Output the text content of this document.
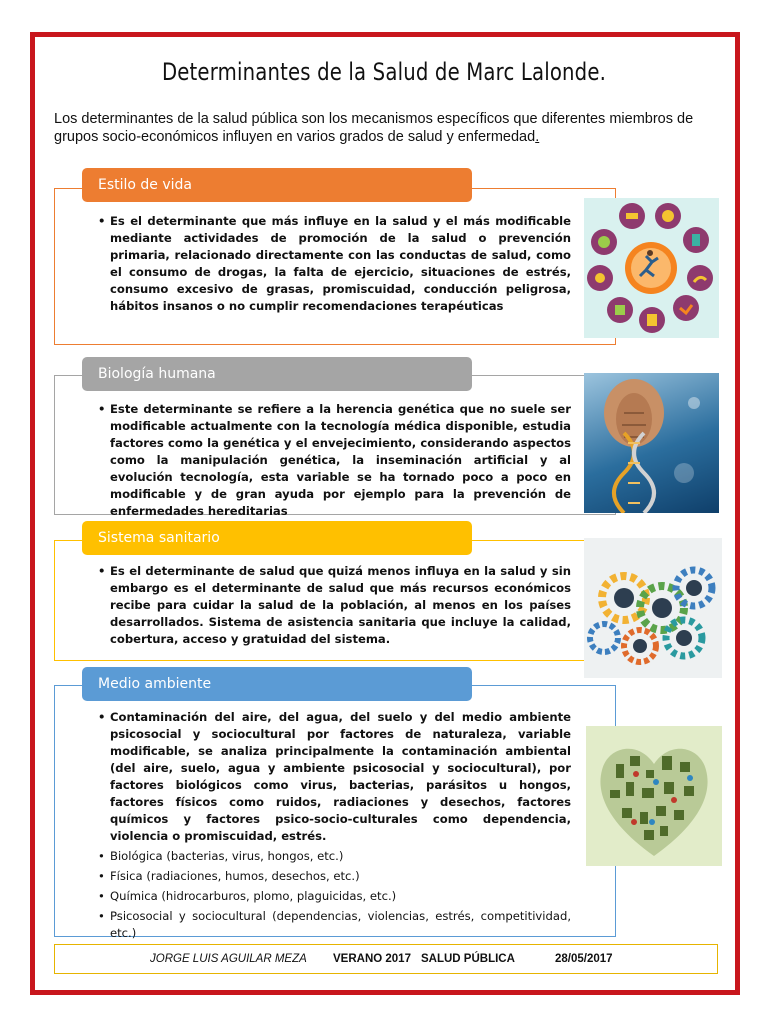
Determinantes de la Salud de Marc Lalonde.
Los determinantes de la salud pública son los mecanismos específicos que diferentes miembros de grupos socio-económicos influyen en varios grados de salud y enfermedad.
Estilo de vida
• Es el determinante que más influye en la salud y el más modificable mediante actividades de promoción de la salud o prevención primaria, relacionado directamente con las conductas de salud, como el consumo de drogas, la falta de ejercicio, situaciones de estrés, consumo excesivo de grasas, promiscuidad, conducción peligrosa, hábitos insanos o no cumplir recomendaciones terapéuticas
Biología humana
• Este determinante se refiere a la herencia genética que no suele ser modificable actualmente con la tecnología médica disponible, estudia factores como la genética y el envejecimiento, considerando aspectos como la manipulación genética, la inseminación artificial y al evolución tecnología, esta variable se ha tornado poco a poco en modificable y de gran ayuda por ejemplo para la prevención de enfermedades hereditarias
Sistema sanitario
• Es el determinante de salud que quizá menos influya en la salud y sin embargo es el determinante de salud que más recursos económicos recibe para cuidar la salud de la población, al menos en los países desarrollados. Sistema de asistencia sanitaria que incluye la calidad, cobertura, acceso y gratuidad del sistema.
Medio ambiente
• Contaminación del aire, del agua, del suelo y del medio ambiente psicosocial y sociocultural por factores de naturaleza, variable modificable, se analiza principalmente la contaminación ambiental (del aire, suelo, agua y ambiente psicosocial y sociocultural), por factores biológicos como virus, bacterias, parásitos u hongos, factores físicos como ruidos, radiaciones y desechos, factores químicos y factores psico-socio-culturales como dependencia, violencia o promiscuidad, estrés.
• Biológica (bacterias, virus, hongos, etc.)
• Física (radiaciones, humos, desechos, etc.)
• Química (hidrocarburos, plomo, plaguicidas, etc.)
• Psicosocial y sociocultural (dependencias, violencias, estrés, competitividad, etc.)
JORGE LUIS AGUILAR MEZA VERANO 2017 SALUD PÚBLICA	28/05/2017
